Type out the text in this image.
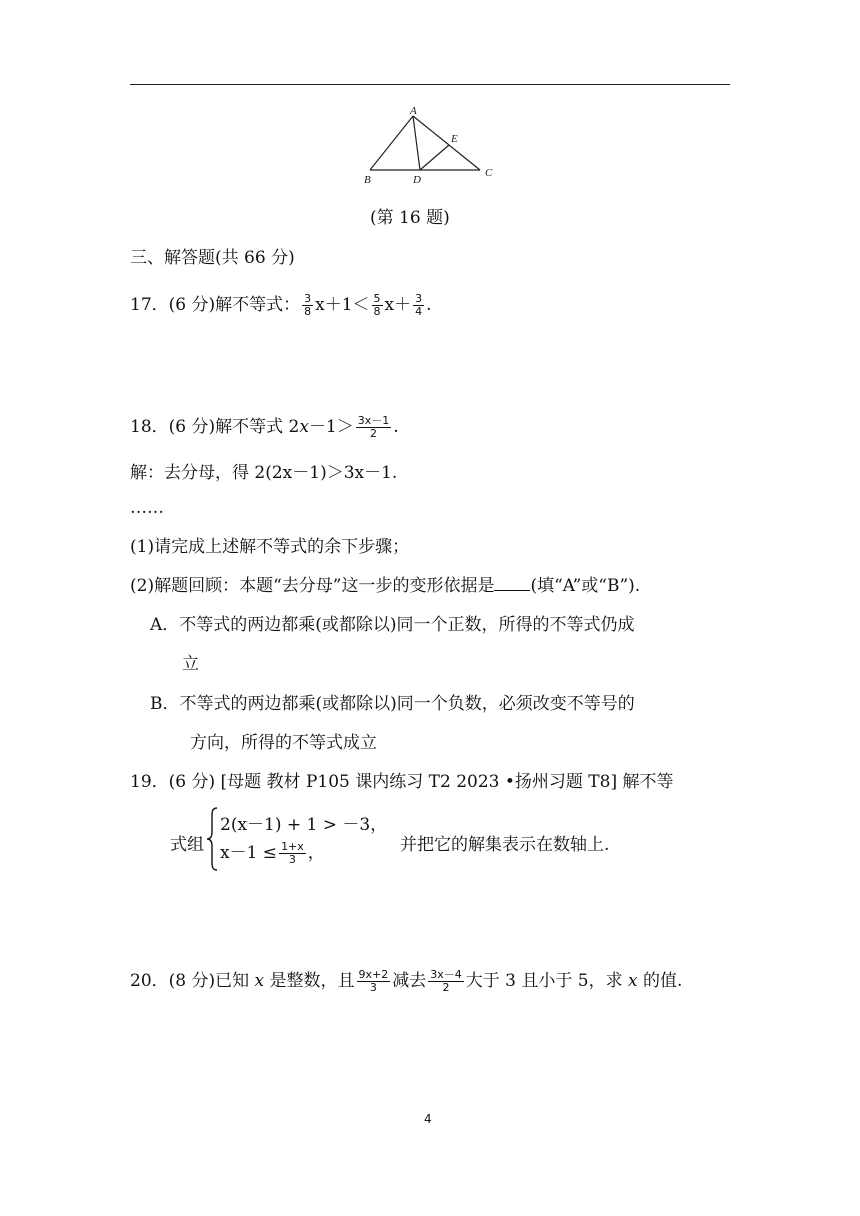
A
B	D
C
E
(第 16 题)
三、解答题(共 66 分)
17．(6 分)解不等式： $\frac{3}{8} x+1< \frac{5}{8} x+ \frac{3}{4}$ .
18．(6 分)解不等式 $2x-1> \frac{3x-1}{2}$ .
解：去分母，得 2(2x－1)＞3x－1.
……
(1)请完成上述解不等式的余下步骤；
(2)解题回顾：本题“去分母”这一步的变形依据是 (填“A”或“B”).
A．不等式的两边都乘(或都除以)同一个正数，所得的不等式仍成
立
B．不等式的两边都乘(或都除以)同一个负数，必须改变不等号的
方向，所得的不等式成立
19．(6 分) [母题 教材 P105 课内练习 T2 2023 •扬州习题 T8] 解不等
式组
2(x－1) + 1 > －3，
$x-1 \le \frac{1+x}{3}$ ，	并把它的解集表示在数轴上.
20．(8 分)已知 x 是整数，且 $\frac{9x+2}{3}$ 减去 $\frac{3x-4}{2}$ 大于 3 且小于 5，求 x 的值.
4
